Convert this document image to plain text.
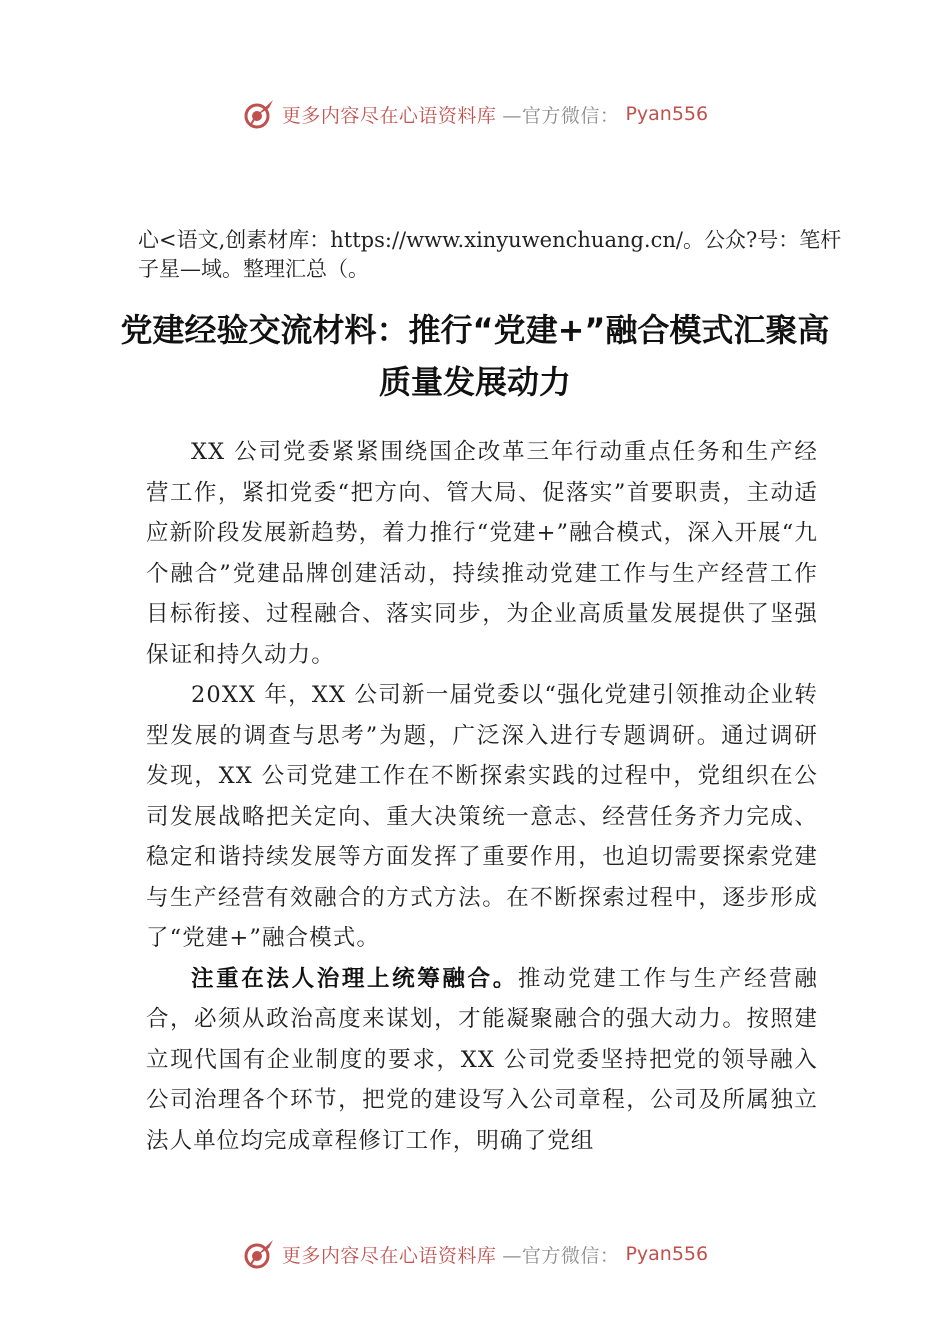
更多内容尽在心语资料库 —官方微信： Pyan556

心<语文,创素材库：https://www.xinyuwenchuang.cn/。公众?号：笔杆子星—域。整理汇总（。

党建经验交流材料：推行“党建+”融合模式汇聚高质量发展动力

XX 公司党委紧紧围绕国企改革三年行动重点任务和生产经营工作，紧扣党委“把方向、管大局、促落实”首要职责，主动适应新阶段发展新趋势，着力推行“党建+”融合模式，深入开展“九个融合”党建品牌创建活动，持续推动党建工作与生产经营工作目标衔接、过程融合、落实同步，为企业高质量发展提供了坚强保证和持久动力。

20XX 年，XX 公司新一届党委以“强化党建引领推动企业转型发展的调查与思考”为题，广泛深入进行专题调研。通过调研发现，XX 公司党建工作在不断探索实践的过程中，党组织在公司发展战略把关定向、重大决策统一意志、经营任务齐力完成、稳定和谐持续发展等方面发挥了重要作用，也迫切需要探索党建与生产经营有效融合的方式方法。在不断探索过程中，逐步形成了“党建+”融合模式。

注重在法人治理上统筹融合。推动党建工作与生产经营融合，必须从政治高度来谋划，才能凝聚融合的强大动力。按照建立现代国有企业制度的要求，XX 公司党委坚持把党的领导融入公司治理各个环节，把党的建设写入公司章程，公司及所属独立法人单位均完成章程修订工作，明确了党组

更多内容尽在心语资料库 —官方微信： Pyan556
